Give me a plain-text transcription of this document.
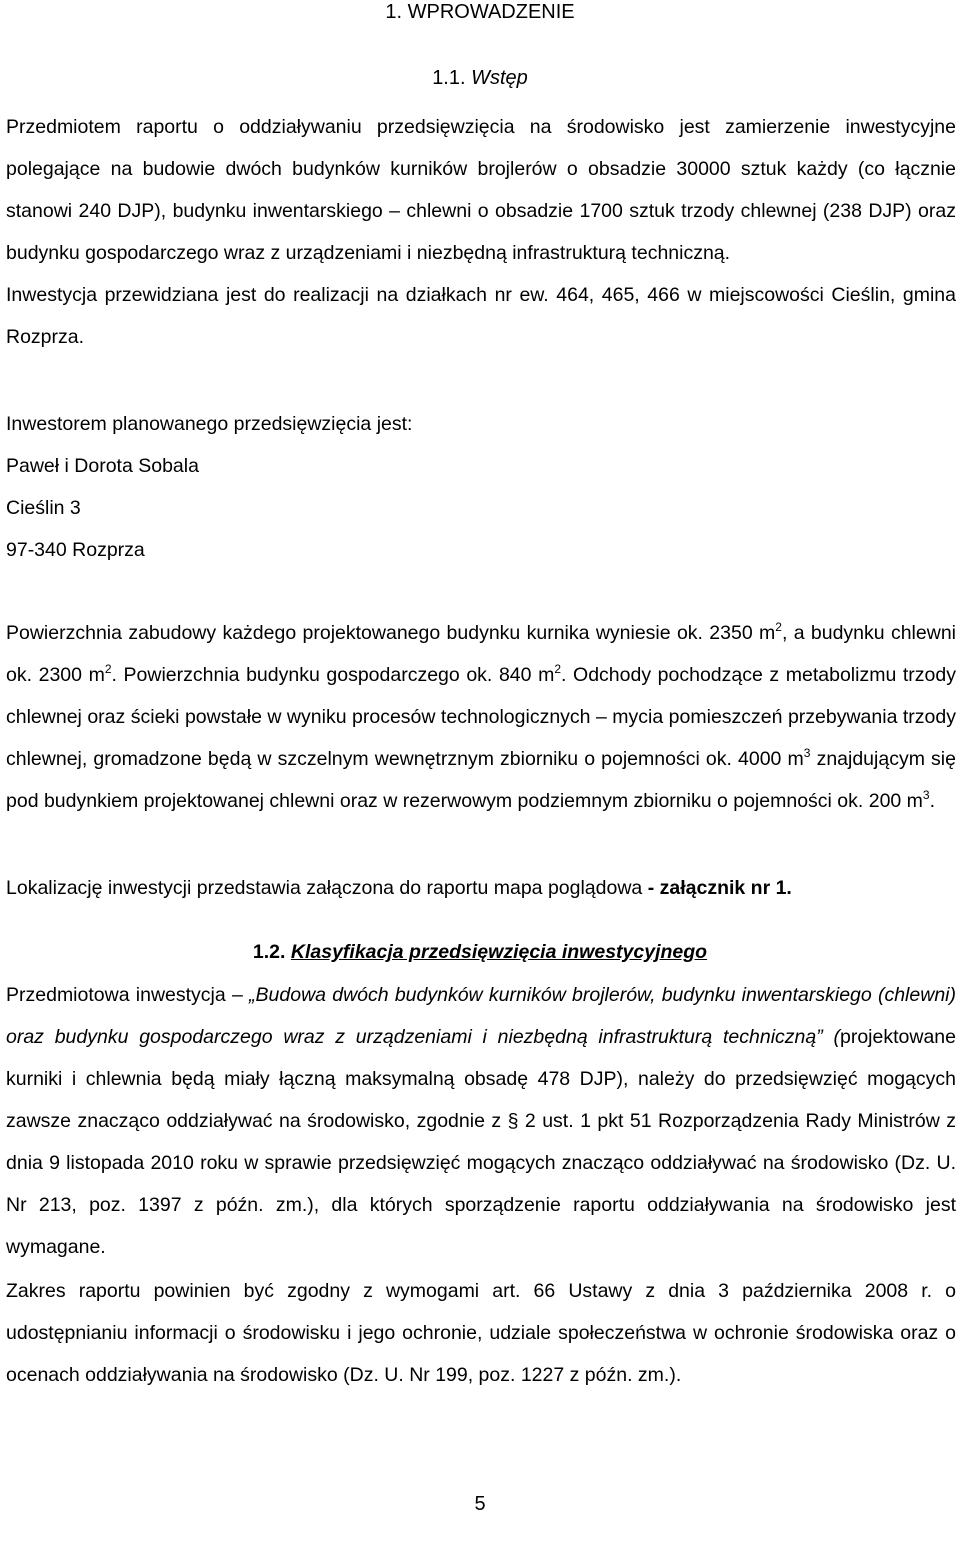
1. WPROWADZENIE
1.1. Wstęp
Przedmiotem raportu o oddziaływaniu przedsięwzięcia na środowisko jest zamierzenie inwestycyjne polegające na budowie dwóch budynków kurników brojlerów o obsadzie 30000 sztuk każdy (co łącznie stanowi 240 DJP), budynku inwentarskiego – chlewni o obsadzie 1700 sztuk trzody chlewnej (238 DJP) oraz budynku gospodarczego wraz z urządzeniami i niezbędną infrastrukturą techniczną.
Inwestycja przewidziana jest do realizacji na działkach nr ew. 464, 465, 466 w miejscowości Cieślin, gmina Rozprza.
Inwestorem planowanego przedsięwzięcia jest:
Paweł i Dorota Sobala
Cieślin 3
97-340 Rozprza
Powierzchnia zabudowy każdego projektowanego budynku kurnika wyniesie ok. 2350 $m^2$, a budynku chlewni ok. 2300 $m^2$. Powierzchnia budynku gospodarczego ok. 840 $m^2$. Odchody pochodzące z metabolizmu trzody chlewnej oraz ścieki powstałe w wyniku procesów technologicznych – mycia pomieszczeń przebywania trzody chlewnej, gromadzone będą w szczelnym wewnętrznym zbiorniku o pojemności ok. 4000 $m^3$ znajdującym się pod budynkiem projektowanej chlewni oraz w rezerwowym podziemnym zbiorniku o pojemności ok. 200 $m^3$.
Lokalizację inwestycji przedstawia załączona do raportu mapa poglądowa - załącznik nr 1.
1.2. Klasyfikacja przedsięwzięcia inwestycyjnego
Przedmiotowa inwestycja – „Budowa dwóch budynków kurników brojlerów, budynku inwentarskiego (chlewni) oraz budynku gospodarczego wraz z urządzeniami i niezbędną infrastrukturą techniczną” (projektowane kurniki i chlewnia będą miały łączną maksymalną obsadę 478 DJP), należy do przedsięwzięć mogących zawsze znacząco oddziaływać na środowisko, zgodnie z § 2 ust. 1 pkt 51 Rozporządzenia Rady Ministrów z dnia 9 listopada 2010 roku w sprawie przedsięwzięć mogących znacząco oddziaływać na środowisko (Dz. U. Nr 213, poz. 1397 z późn. zm.), dla których sporządzenie raportu oddziaływania na środowisko jest wymagane.
Zakres raportu powinien być zgodny z wymogami art. 66 Ustawy z dnia 3 października 2008 r. o udostępnianiu informacji o środowisku i jego ochronie, udziale społeczeństwa w ochronie środowiska oraz o ocenach oddziaływania na środowisko (Dz. U. Nr 199, poz. 1227 z późn. zm.).
5
